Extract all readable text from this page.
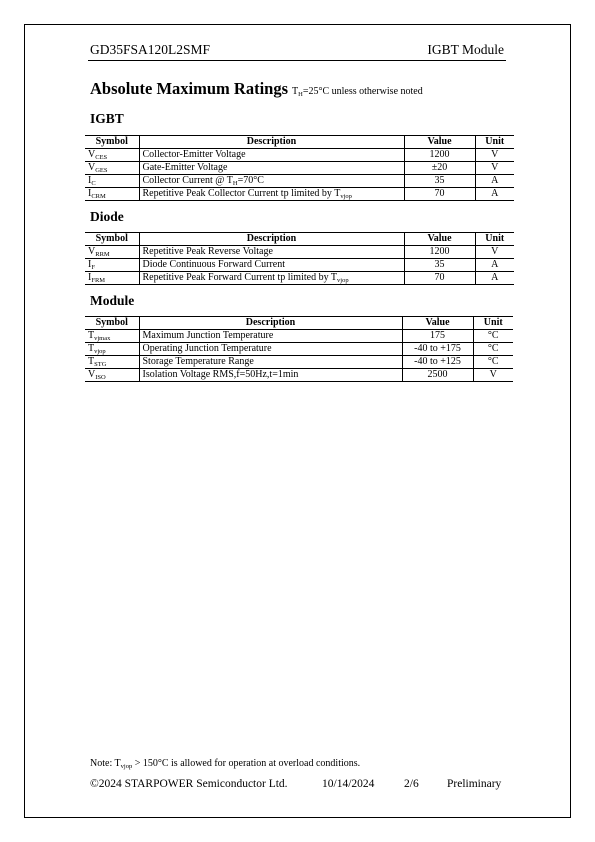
GD35FSA120L2SMF	IGBT Module
Absolute Maximum Ratings $T_H=25^\circ C$ unless otherwise noted
IGBT
Symbol	Description	Value	Unit
$V_{CES}$	Collector-Emitter Voltage	1200	V
$V_{GES}$	Gate-Emitter Voltage	±20	V
$I_C$	Collector Current @ $T_H=70^\circ C$	35	A
$I_{CRM}$	Repetitive Peak Collector Current tp limited by $T_{vjop}$	70	A
Diode
Symbol	Description	Value	Unit
$V_{RRM}$	Repetitive Peak Reverse Voltage	1200	V
$I_F$	Diode Continuous Forward Current	35	A
$I_{FRM}$	Repetitive Peak Forward Current tp limited by $T_{vjop}$	70	A
Module
Symbol	Description	Value	Unit
$T_{vjmax}$	Maximum Junction Temperature	175	°C
$T_{vjop}$	Operating Junction Temperature	-40 to +175	°C
$T_{STG}$	Storage Temperature Range	-40 to +125	°C
$V_{ISO}$	Isolation Voltage RMS,f=50Hz,t=1min	2500	V
Note: $T_{vjop} > 150^\circ C$ is allowed for operation at overload conditions.
©2024 STARPOWER Semiconductor Ltd.	10/14/2024	2/6 Preliminary
